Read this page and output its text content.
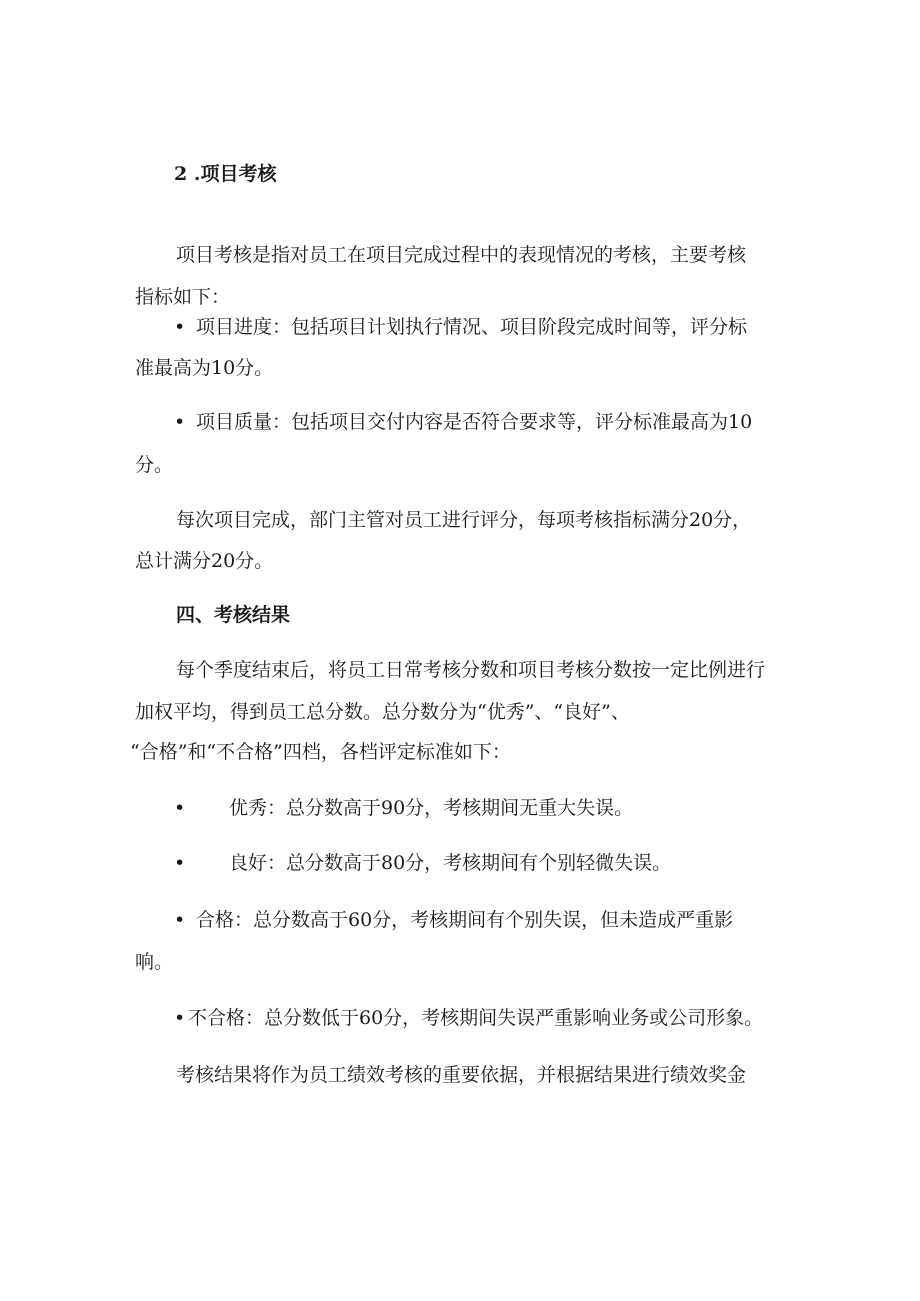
2 .项目考核
项目考核是指对员工在项目完成过程中的表现情况的考核，主要考核
指标如下：
• 项目进度：包括项目计划执行情况、项目阶段完成时间等，评分标
准最高为10分。
• 项目质量：包括项目交付内容是否符合要求等，评分标准最高为10
分。
每次项目完成，部门主管对员工进行评分，每项考核指标满分20分，
总计满分20分。
四、考核结果
每个季度结束后，将员工日常考核分数和项目考核分数按一定比例进行
加权平均，得到员工总分数。总分数分为“优秀”、“良好”、
“合格”和“不合格”四档，各档评定标准如下：
• 优秀：总分数高于90分，考核期间无重大失误。
• 良好：总分数高于80分，考核期间有个别轻微失误。
• 合格：总分数高于60分，考核期间有个别失误，但未造成严重影
响。
• 不合格：总分数低于60分，考核期间失误严重影响业务或公司形象。
考核结果将作为员工绩效考核的重要依据，并根据结果进行绩效奖金
